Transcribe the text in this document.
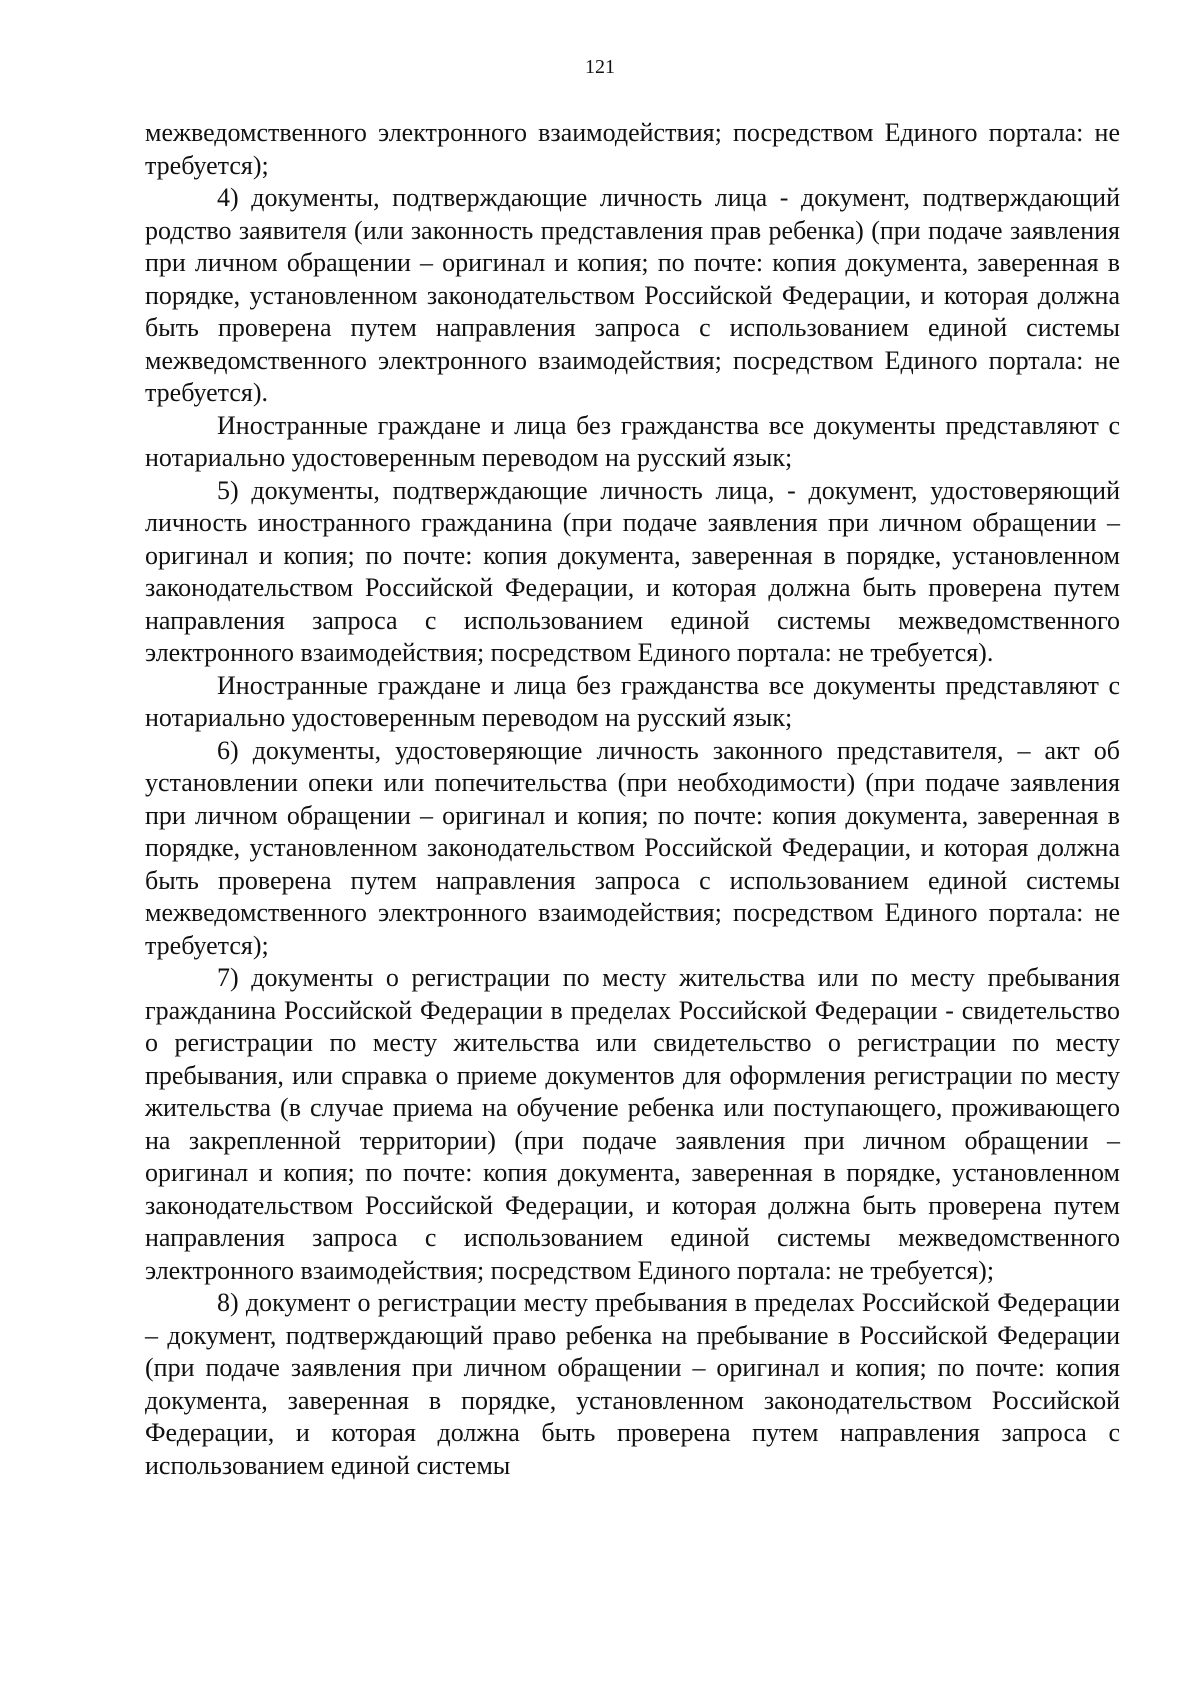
121

межведомственного электронного взаимодействия; посредством Единого портала: не требуется);

4) документы, подтверждающие личность лица - документ, подтверждающий родство заявителя (или законность представления прав ребенка) (при подаче заявления при личном обращении – оригинал и копия; по почте: копия документа, заверенная в порядке, установленном законодательством Российской Федерации, и которая должна быть проверена путем направления запроса с использованием единой системы межведомственного электронного взаимодействия; посредством Единого портала: не требуется).

Иностранные граждане и лица без гражданства все документы представляют с нотариально удостоверенным переводом на русский язык;

5) документы, подтверждающие личность лица, - документ, удостоверяющий личность иностранного гражданина (при подаче заявления при личном обращении – оригинал и копия; по почте: копия документа, заверенная в порядке, установленном законодательством Российской Федерации, и которая должна быть проверена путем направления запроса с использованием единой системы межведомственного электронного взаимодействия; посредством Единого портала: не требуется).

Иностранные граждане и лица без гражданства все документы представляют с нотариально удостоверенным переводом на русский язык;

6) документы, удостоверяющие личность законного представителя, – акт об установлении опеки или попечительства (при необходимости) (при подаче заявления при личном обращении – оригинал и копия; по почте: копия документа, заверенная в порядке, установленном законодательством Российской Федерации, и которая должна быть проверена путем направления запроса с использованием единой системы межведомственного электронного взаимодействия; посредством Единого портала: не требуется);

7) документы о регистрации по месту жительства или по месту пребывания гражданина Российской Федерации в пределах Российской Федерации - свидетельство о регистрации по месту жительства или свидетельство о регистрации по месту пребывания, или справка о приеме документов для оформления регистрации по месту жительства (в случае приема на обучение ребенка или поступающего, проживающего на закрепленной территории) (при подаче заявления при личном обращении – оригинал и копия; по почте: копия документа, заверенная в порядке, установленном законодательством Российской Федерации, и которая должна быть проверена путем направления запроса с использованием единой системы межведомственного электронного взаимодействия; посредством Единого портала: не требуется);

8) документ о регистрации месту пребывания в пределах Российской Федерации – документ, подтверждающий право ребенка на пребывание в Российской Федерации (при подаче заявления при личном обращении – оригинал и копия; по почте: копия документа, заверенная в порядке, установленном законодательством Российской Федерации, и которая должна быть проверена путем направления запроса с использованием единой системы
